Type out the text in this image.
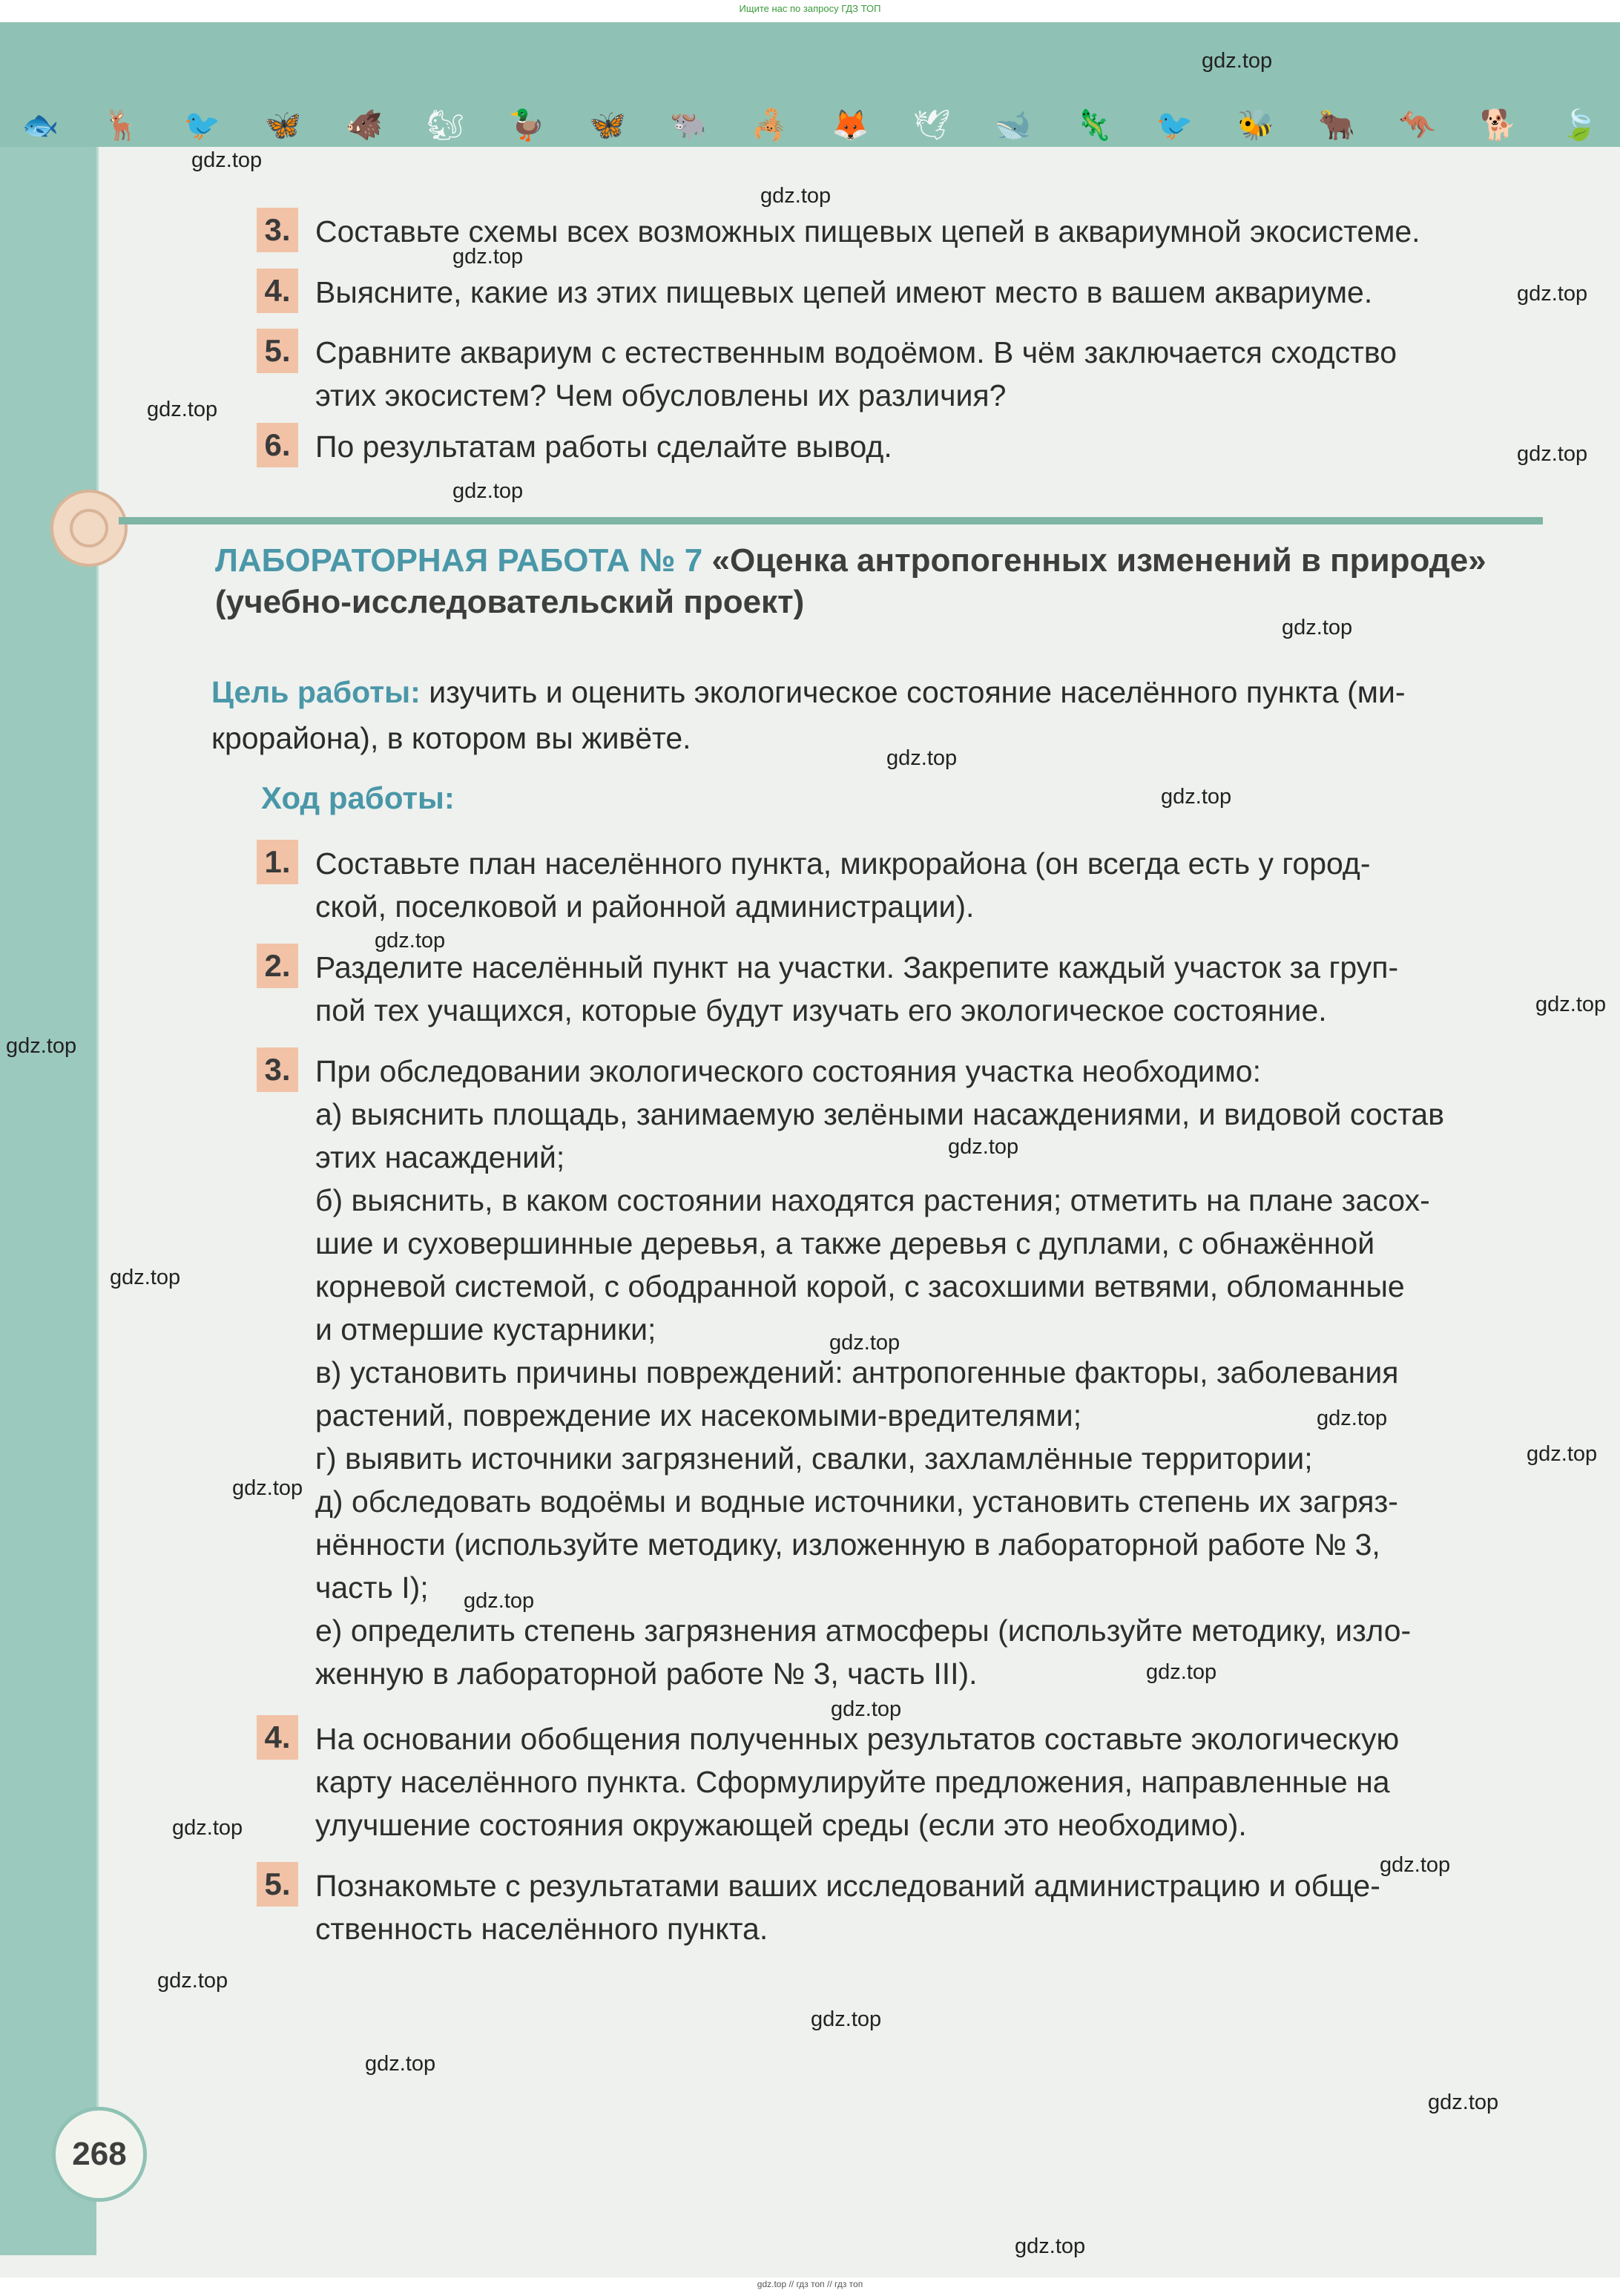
Ищите нас по запросу ГДЗ ТОП
🐟 🦌 🐦 🦋 🐗 🐿 🦆 🦋 🐃 🦂 🦊 🕊 🐋 🦎 🐦 🐝 🐂 🦘 🐕 🍃
3. Составьте схемы всех возможных пищевых цепей в аквариумной экосистеме.
4. Выясните, какие из этих пищевых цепей имеют место в вашем аквариуме.
5. Сравните аквариум с естественным водоёмом. В чём заключается сходство
этих экосистем? Чем обусловлены их различия?
6. По результатам работы сделайте вывод.
ЛАБОРАТОРНАЯ РАБОТА № 7 «Оценка антропогенных изменений в природе»
(учебно-исследовательский проект)
Цель работы: изучить и оценить экологическое состояние населённого пункта (ми-
крорайона), в котором вы живёте.
Ход работы:
1. Составьте план населённого пункта, микрорайона (он всегда есть у город-
ской, поселковой и районной администрации).
2. Разделите населённый пункт на участки. Закрепите каждый участок за груп-
пой тех учащихся, которые будут изучать его экологическое состояние.
3. При обследовании экологического состояния участка необходимо:
а) выяснить площадь, занимаемую зелёными насаждениями, и видовой состав
этих насаждений;
б) выяснить, в каком состоянии находятся растения; отметить на плане засох-
шие и суховершинные деревья, а также деревья с дуплами, с обнажённой
корневой системой, с ободранной корой, с засохшими ветвями, обломанные
и отмершие кустарники;
в) установить причины повреждений: антропогенные факторы, заболевания
растений, повреждение их насекомыми-вредителями;
г) выявить источники загрязнений, свалки, захламлённые территории;
д) обследовать водоёмы и водные источники, установить степень их загряз-
нённости (используйте методику, изложенную в лабораторной работе № 3,
часть I);
е) определить степень загрязнения атмосферы (используйте методику, изло-
женную в лабораторной работе № 3, часть III).
4. На основании обобщения полученных результатов составьте экологическую
карту населённого пункта. Сформулируйте предложения, направленные на
улучшение состояния окружающей среды (если это необходимо).
5. Познакомьте с результатами ваших исследований администрацию и обще-
ственность населённого пункта.
268
gdz.top
gdz.top
gdz.top
gdz.top
gdz.top
gdz.top
gdz.top
gdz.top
gdz.top
gdz.top
gdz.top
gdz.top
gdz.top
gdz.top
gdz.top
gdz.top
gdz.top
gdz.top
gdz.top
gdz.top
gdz.top
gdz.top
gdz.top
gdz.top
gdz.top
gdz.top
gdz.top
gdz.top
gdz.top
gdz.top
gdz.top // гдз топ // гдз топ
